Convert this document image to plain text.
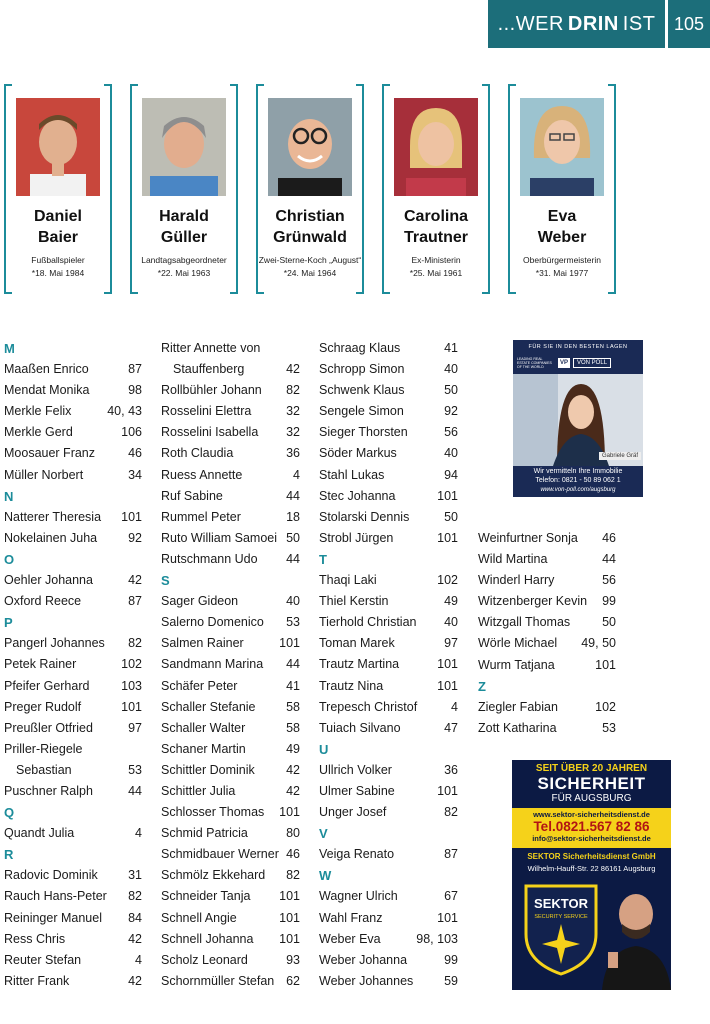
...WER DRIN IST	105
Daniel
Baier
Fußballspieler
*18. Mai 1984
Harald
Güller
Landtagsabgeordneter
*22. Mai 1963
Christian
Grünwald
Zwei-Sterne-Koch „August“
*24. Mai 1964
Carolina
Trautner
Ex-Ministerin
*25. Mai 1961
Eva
Weber
Oberbürgermeisterin
*31. Mai 1977
M
Maaßen Enrico	87
Mendat Monika	98
Merkle Felix	40, 43
Merkle Gerd	106
Moosauer Franz	46
Müller Norbert	34
N
Natterer Theresia 101
Nokelainen Juha 92
O
Oehler Johanna	42
Oxford Reece	87
P
Pangerl Johannes 82
Petek Rainer	102
Pfeifer Gerhard	103
Preger Rudolf	101
Preußler Otfried	97
Priller-Riegele
Sebastian	53
Puschner Ralph	44
Q
Quandt Julia	4
R
Radovic Dominik 31
Rauch Hans-Peter 82
Reininger Manuel 84
Ress Chris	42
Reuter Stefan	4
Ritter Frank	42
Ritter Annette von
Stauffenberg	42
Rollbühler Johann 82
Rosselini Elettra	32
Rosselini Isabella 32
Roth Claudia	36
Ruess Annette	4
Ruf Sabine	44
Rummel Peter	18
Ruto William Samoei 50
Rutschmann Udo 44
S
Sager Gideon	40
Salerno Domenico 53
Salmen Rainer	101
Sandmann Marina 44
Schäfer Peter	41
Schaller Stefanie 58
Schaller Walter	58
Schaner Martin	49
Schittler Dominik	42
Schittler Julia	42
Schlosser Thomas 101
Schmid Patricia	80
Schmidbauer Werner 46
Schmölz Ekkehard 82
Schneider Tanja 101
Schnell Angie	101
Schnell Johanna 101
Scholz Leonard	93
Schornmüller Stefan 62
Schraag Klaus	41
Schropp Simon	40
Schwenk Klaus	50
Sengele Simon	92
Sieger Thorsten	56
Söder Markus	40
Stahl Lukas	94
Stec Johanna	101
Stolarski Dennis	50
Strobl Jürgen	101
T
Thaqi Laki	102
Thiel Kerstin	49
Tierhold Christian 40
Toman Marek	97
Trautz Martina	101
Trautz Nina	101
Trepesch Christof	4
Tuiach Silvano	47
U
Ullrich Volker	36
Ulmer Sabine	101
Unger Josef	82
V
Veiga Renato	87
W
Wagner Ulrich	67
Wahl Franz	101
Weber Eva	98, 103
Weber Johanna	99
Weber Johannes 59
Weinfurtner Sonja 46
Wild Martina	44
Winderl Harry	56
Witzenberger Kevin 99
Witzgall Thomas	50
Wörle Michael 49, 50
Wurm Tatjana	101
Z
Ziegler Fabian	102
Zott Katharina	53
FÜR SIE IN DEN BESTEN LAGEN
LEADING REAL ESTATE COMPANIES OF THE WORLD
VP	VON POLL
Gabriele Gräf
Wir vermitteln Ihre Immobilie
Telefon: 0821 - 50 89 062 1
www.von-poll.com/augsburg
SEIT ÜBER 20 JAHREN
SICHERHEIT
FÜR AUGSBURG
www.sektor-sicherheitsdienst.de
Tel.0821.567 82 86
info@sektor-sicherheitsdienst.de
SEKTOR Sicherheitsdienst GmbH
Wilhelm-Hauff-Str. 22 86161 Augsburg
SEKTOR
SECURITY SERVICE
